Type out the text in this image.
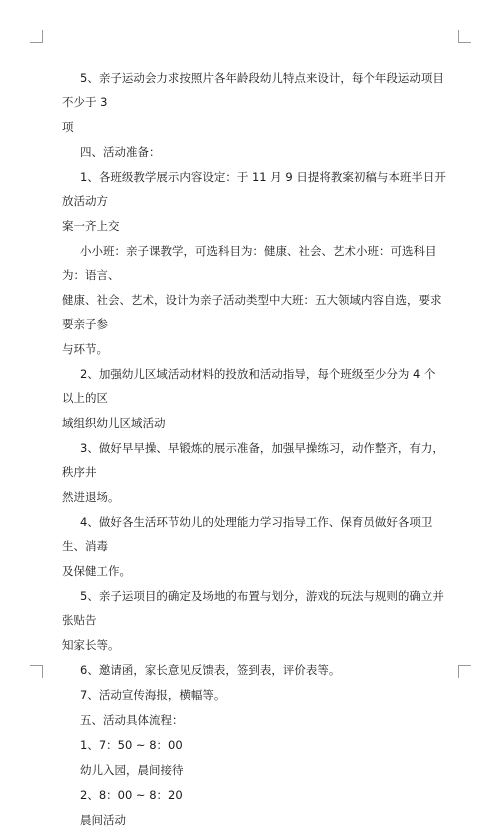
5、亲子运动会力求按照片各年龄段幼儿特点来设计，每个年段运动项目不少于 3

项

四、活动准备：

1、各班级教学展示内容设定：于 11 月 9 日提将教案初稿与本班半日开放活动方

案一齐上交

小小班：亲子课教学，可选科目为：健康、社会、艺术小班：可选科目为：语言、

健康、社会、艺术，设计为亲子活动类型中大班：五大领域内容自选，要求要亲子参

与环节。

2、加强幼儿区域活动材料的投放和活动指导，每个班级至少分为 4 个以上的区

域组织幼儿区域活动

3、做好早早操、早锻炼的展示准备，加强早操练习，动作整齐，有力，秩序井

然进退场。

4、做好各生活环节幼儿的处理能力学习指导工作、保育员做好各项卫生、消毒

及保健工作。

5、亲子运项目的确定及场地的布置与划分，游戏的玩法与规则的确立并张贴告

知家长等。

6、邀请函，家长意见反馈表，签到表，评价表等。

7、活动宣传海报，横幅等。

五、活动具体流程：

1、7：50 ~ 8：00

幼儿入园，晨间接待

2、8：00 ~ 8：20

晨间活动
